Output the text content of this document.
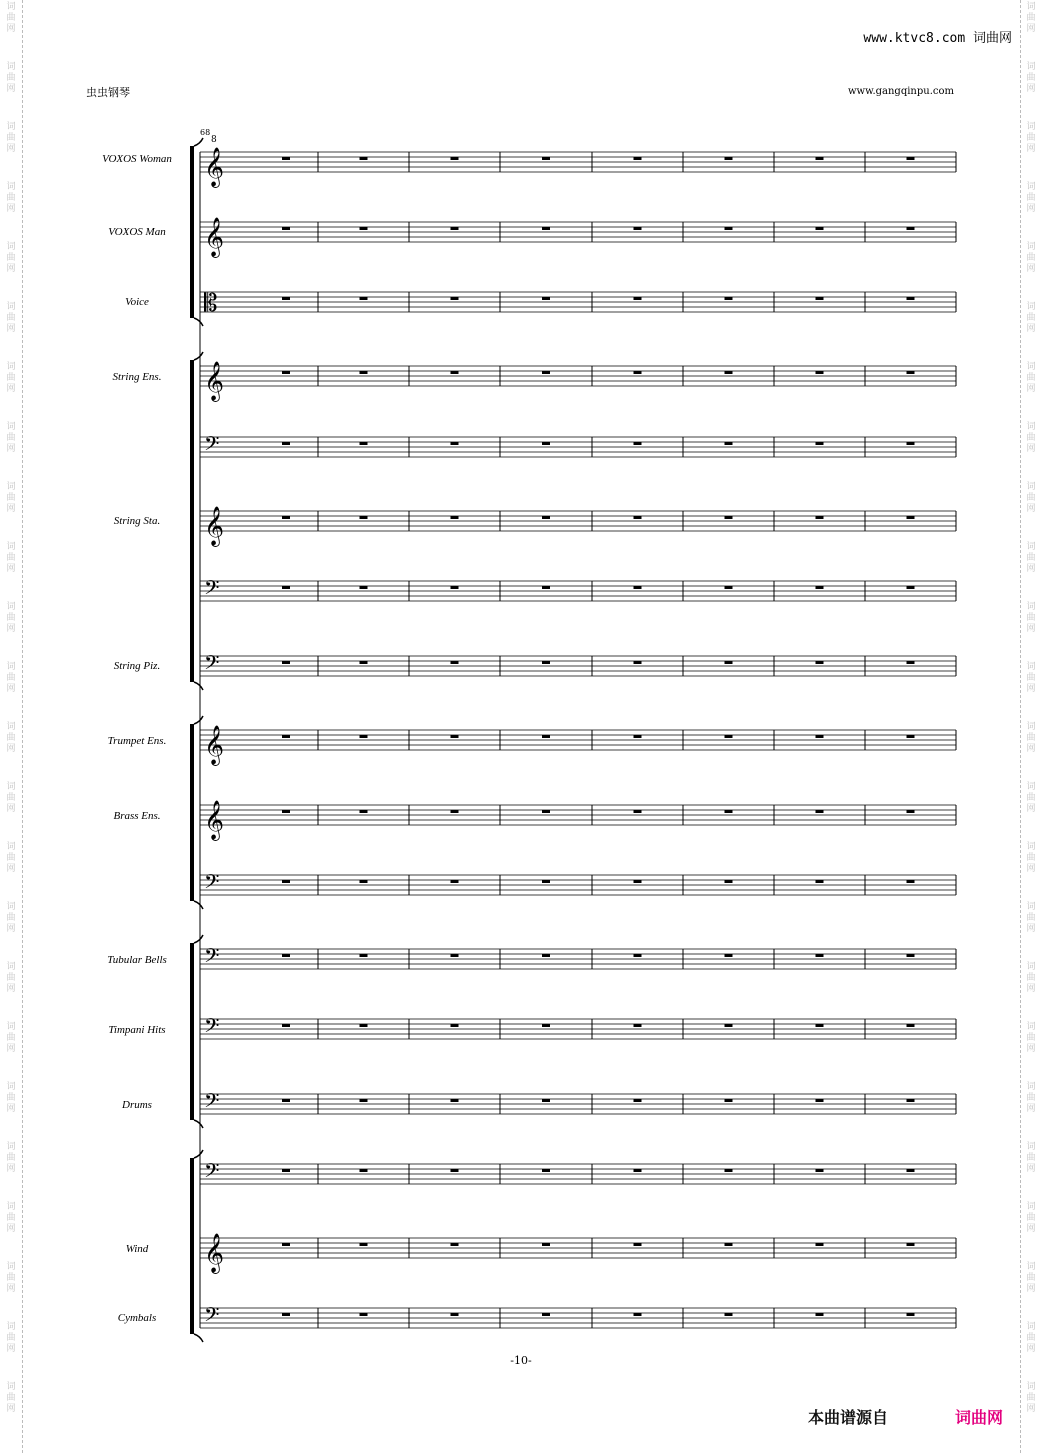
词
曲
网
词
曲
网
词
曲
网
词
曲
网
词
曲
网
词
曲
网
词
曲
网
词
曲
网
词
曲
网
词
曲
网
词
曲
网
词
曲
网
词
曲
网
词
曲
网
词
曲
网
词
曲
网
词
曲
网
词
曲
网
词
曲
网
词
曲
网
词
曲
网
词
曲
网
词
曲
网
词
曲
网
词
曲
网
词
曲
网
词
曲
网
词
曲
网
词
曲
网
词
曲
网
词
曲
网
词
曲
网
词
曲
网
词
曲
网
词
曲
网
词
曲
网
词
曲
网
词
曲
网
词
曲
网
词
曲
网
词
曲
网
词
曲
网
词
曲
网
词
曲
网
词
曲
网
词
曲
网
词
曲
网
词
曲
网
www.ktvc8.com 词曲网
虫虫钢琴	www.gangqinpu.com
68
8
𝄞
𝄞
𝄡
𝄞
𝄢
𝄞
𝄢
𝄢
𝄞
𝄞
𝄢
𝄢
𝄢
𝄢
𝄢
𝄞
𝄢
VOXOS Woman
VOXOS Man
Voice
String Ens.
String Sta.
String Piz.
Trumpet Ens.
Brass Ens.
Tubular Bells
Timpani Hits
Drums
Wind
Cymbals
-10-
本曲谱源自	词曲网
